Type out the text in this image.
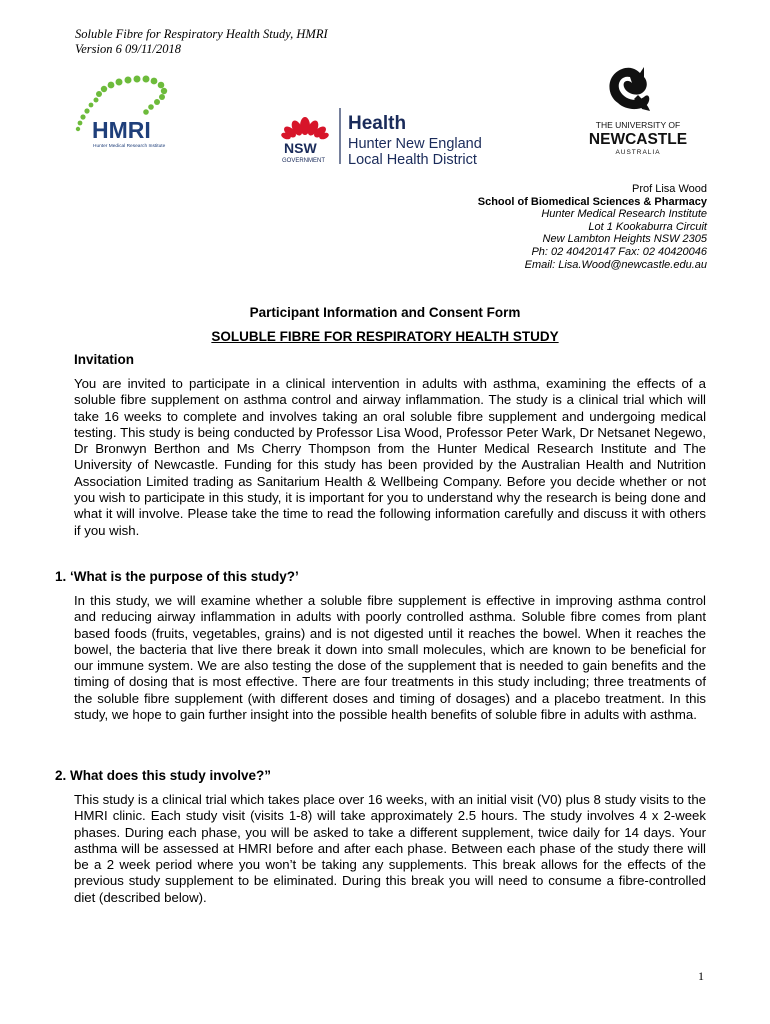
Soluble Fibre for Respiratory Health Study, HMRI
Version 6 09/11/2018
HMRI
Hunter Medical Research Institute	NSW
GOVERNMENT
Health
Hunter New England
Local Health District
THE UNIVERSITY OF
NEWCASTLE
AUSTRALIA
Prof Lisa Wood
School of Biomedical Sciences & Pharmacy
Hunter Medical Research Institute
Lot 1 Kookaburra Circuit
New Lambton Heights NSW 2305
Ph: 02 40420147 Fax: 02 40420046
Email: Lisa.Wood@newcastle.edu.au
Participant Information and Consent Form
SOLUBLE FIBRE FOR RESPIRATORY HEALTH STUDY
Invitation
You are invited to participate in a clinical intervention in adults with asthma, examining the effects of a soluble fibre supplement on asthma control and airway inflammation. The study is a clinical trial which will take 16 weeks to complete and involves taking an oral soluble fibre supplement and undergoing medical testing. This study is being conducted by Professor Lisa Wood, Professor Peter Wark, Dr Netsanet Negewo, Dr Bronwyn Berthon and Ms Cherry Thompson from the Hunter Medical Research Institute and The University of Newcastle. Funding for this study has been provided by the Australian Health and Nutrition Association Limited trading as Sanitarium Health & Wellbeing Company. Before you decide whether or not you wish to participate in this study, it is important for you to understand why the research is being done and what it will involve. Please take the time to read the following information carefully and discuss it with others if you wish.
1. ‘What is the purpose of this study?’
In this study, we will examine whether a soluble fibre supplement is effective in improving asthma control and reducing airway inflammation in adults with poorly controlled asthma. Soluble fibre comes from plant based foods (fruits, vegetables, grains) and is not digested until it reaches the bowel. When it reaches the bowel, the bacteria that live there break it down into small molecules, which are known to be beneficial for our immune system. We are also testing the dose of the supplement that is needed to gain benefits and the timing of dosing that is most effective. There are four treatments in this study including; three treatments of the soluble fibre supplement (with different doses and timing of dosages) and a placebo treatment. In this study, we hope to gain further insight into the possible health benefits of soluble fibre in adults with asthma.
2. What does this study involve?”
This study is a clinical trial which takes place over 16 weeks, with an initial visit (V0) plus 8 study visits to the HMRI clinic. Each study visit (visits 1-8) will take approximately 2.5 hours. The study involves 4 x 2-week phases. During each phase, you will be asked to take a different supplement, twice daily for 14 days. Your asthma will be assessed at HMRI before and after each phase. Between each phase of the study there will be a 2 week period where you won’t be taking any supplements. This break allows for the effects of the previous study supplement to be eliminated. During this break you will need to consume a fibre-controlled diet (described below).
1
